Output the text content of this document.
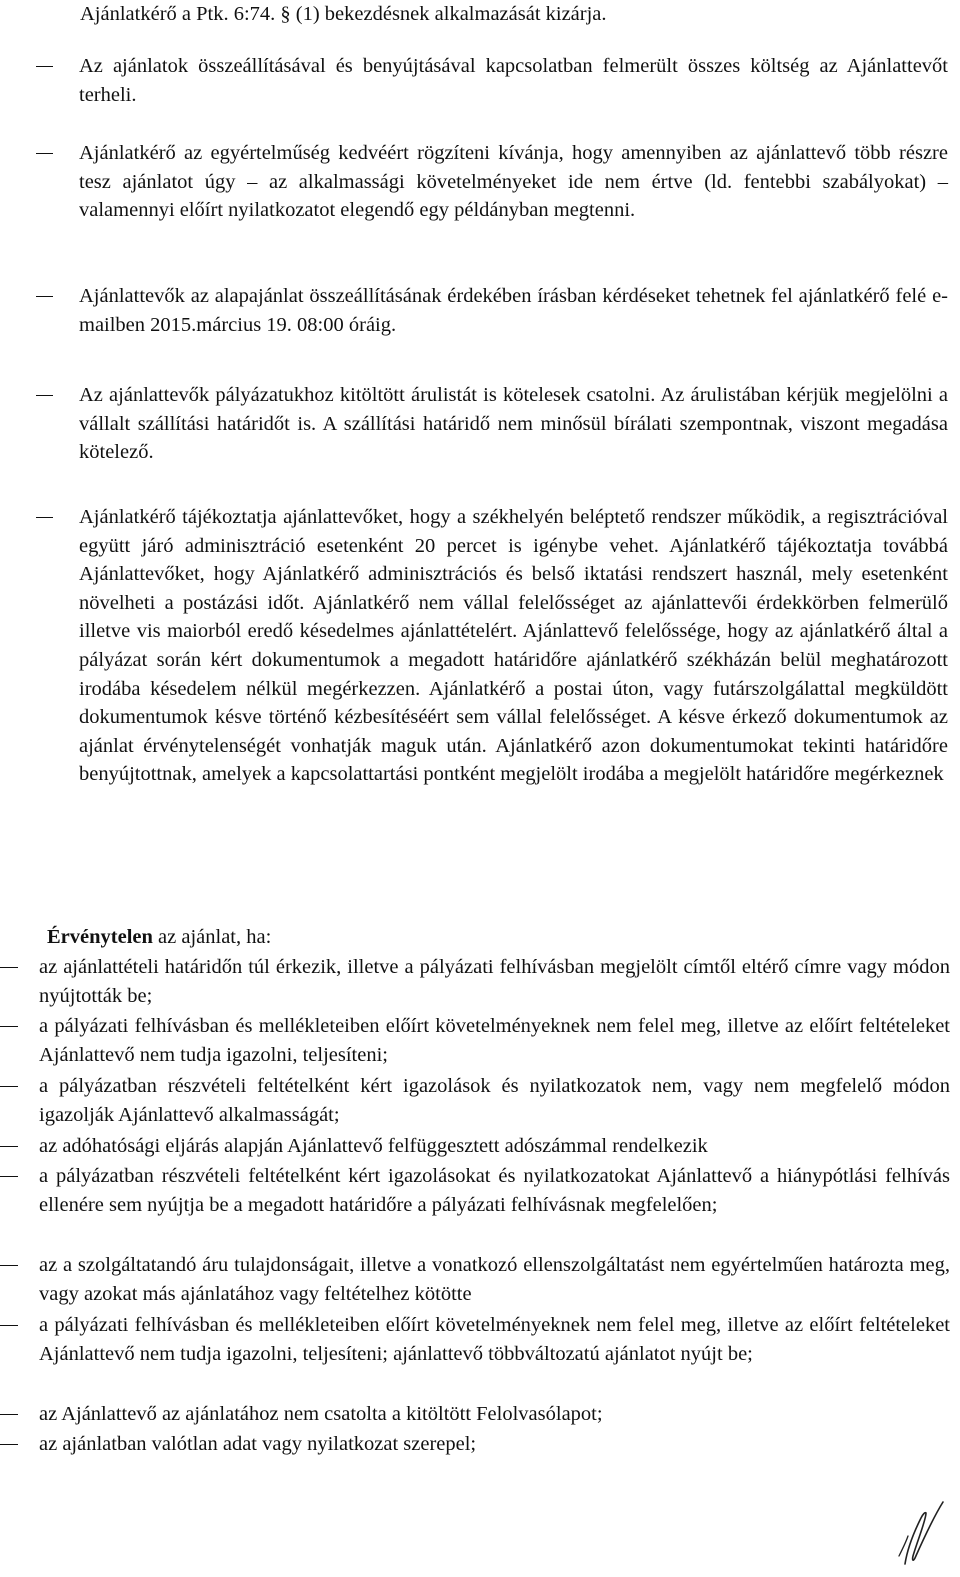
Ajánlatkérő a Ptk. 6:74. § (1) bekezdésnek alkalmazását kizárja.

Az ajánlatok összeállításával és benyújtásával kapcsolatban felmerült összes költség az Ajánlattevőt terheli.

Ajánlatkérő az egyértelműség kedvéért rögzíteni kívánja, hogy amennyiben az ajánlattevő több részre tesz ajánlatot úgy – az alkalmassági követelményeket ide nem értve (ld. fentebbi szabályokat) – valamennyi előírt nyilatkozatot elegendő egy példányban megtenni.

Ajánlattevők az alapajánlat összeállításának érdekében írásban kérdéseket tehetnek fel ajánlatkérő felé e-mailben 2015.március 19. 08:00 óráig.

Az ajánlattevők pályázatukhoz kitöltött árulistát is kötelesek csatolni. Az árulistában kérjük megjelölni a vállalt szállítási határidőt is. A szállítási határidő nem minősül bírálati szempontnak, viszont megadása kötelező.

Ajánlatkérő tájékoztatja ajánlattevőket, hogy a székhelyén beléptető rendszer működik, a regisztrációval együtt járó adminisztráció esetenként 20 percet is igénybe vehet. Ajánlatkérő tájékoztatja továbbá Ajánlattevőket, hogy Ajánlatkérő adminisztrációs és belső iktatási rendszert használ, mely esetenként növelheti a postázási időt. Ajánlatkérő nem vállal felelősséget az ajánlattevői érdekkörben felmerülő illetve vis maiorból eredő késedelmes ajánlattételért. Ajánlattevő felelőssége, hogy az ajánlatkérő által a pályázat során kért dokumentumok a megadott határidőre ajánlatkérő székházán belül meghatározott irodába késedelem nélkül megérkezzen. Ajánlatkérő a postai úton, vagy futárszolgálattal megküldött dokumentumok késve történő kézbesítéséért sem vállal felelősséget. A késve érkező dokumentumok az ajánlat érvénytelenségét vonhatják maguk után. Ajánlatkérő azon dokumentumokat tekinti határidőre benyújtottnak, amelyek a kapcsolattartási pontként megjelölt irodába a megjelölt határidőre megérkeznek

Érvénytelen az ajánlat, ha:

az ajánlattételi határidőn túl érkezik, illetve a pályázati felhívásban megjelölt címtől eltérő címre vagy módon nyújtották be;

a pályázati felhívásban és mellékleteiben előírt követelményeknek nem felel meg, illetve az előírt feltételeket Ajánlattevő nem tudja igazolni, teljesíteni;

a pályázatban részvételi feltételként kért igazolások és nyilatkozatok nem, vagy nem megfelelő módon igazolják Ajánlattevő alkalmasságát;

az adóhatósági eljárás alapján Ajánlattevő felfüggesztett adószámmal rendelkezik

a pályázatban részvételi feltételként kért igazolásokat és nyilatkozatokat Ajánlattevő a hiánypótlási felhívás ellenére sem nyújtja be a megadott határidőre a pályázati felhívásnak megfelelően;

az a szolgáltatandó áru tulajdonságait, illetve a vonatkozó ellenszolgáltatást nem egyértelműen határozta meg, vagy azokat más ajánlatához vagy feltételhez kötötte

a pályázati felhívásban és mellékleteiben előírt követelményeknek nem felel meg, illetve az előírt feltételeket Ajánlattevő nem tudja igazolni, teljesíteni; ajánlattevő többváltozatú ajánlatot nyújt be;

az Ajánlattevő az ajánlatához nem csatolta a kitöltött Felolvasólapot;

az ajánlatban valótlan adat vagy nyilatkozat szerepel;
